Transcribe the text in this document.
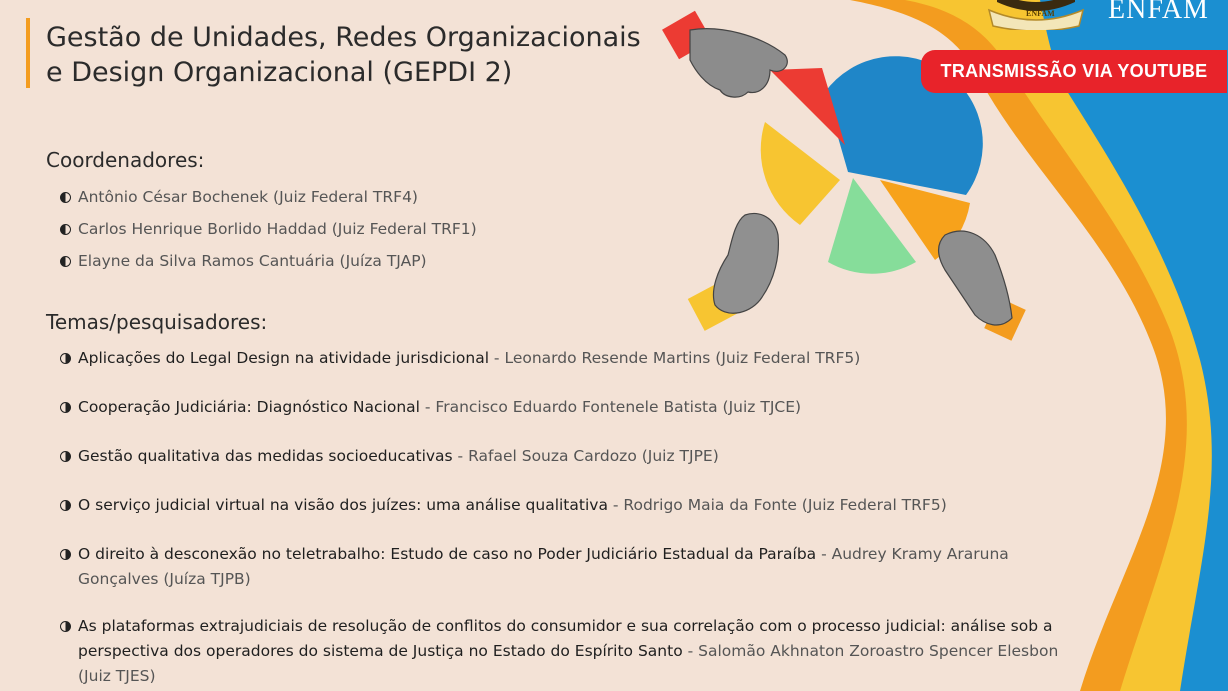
Gestão de Unidades, Redes Organizacionais
e Design Organizacional (GEPDI 2)
ENFAM ENFAM
TRANSMISSÃO VIA YOUTUBE
Coordenadores:
Antônio César Bochenek (Juiz Federal TRF4)
Carlos Henrique Borlido Haddad (Juiz Federal TRF1)
Elayne da Silva Ramos Cantuária (Juíza TJAP)
Temas/pesquisadores:
Aplicações do Legal Design na atividade jurisdicional - Leonardo Resende Martins (Juiz Federal TRF5)
Cooperação Judiciária: Diagnóstico Nacional - Francisco Eduardo Fontenele Batista (Juiz TJCE)
Gestão qualitativa das medidas socioeducativas - Rafael Souza Cardozo (Juiz TJPE)
O serviço judicial virtual na visão dos juízes: uma análise qualitativa - Rodrigo Maia da Fonte (Juiz Federal TRF5)
O direito à desconexão no teletrabalho: Estudo de caso no Poder Judiciário Estadual da Paraíba - Audrey Kramy Araruna Gonçalves (Juíza TJPB)
As plataformas extrajudiciais de resolução de conflitos do consumidor e sua correlação com o processo judicial: análise sob a perspectiva dos operadores do sistema de Justiça no Estado do Espírito Santo - Salomão Akhnaton Zoroastro Spencer Elesbon (Juiz TJES)
